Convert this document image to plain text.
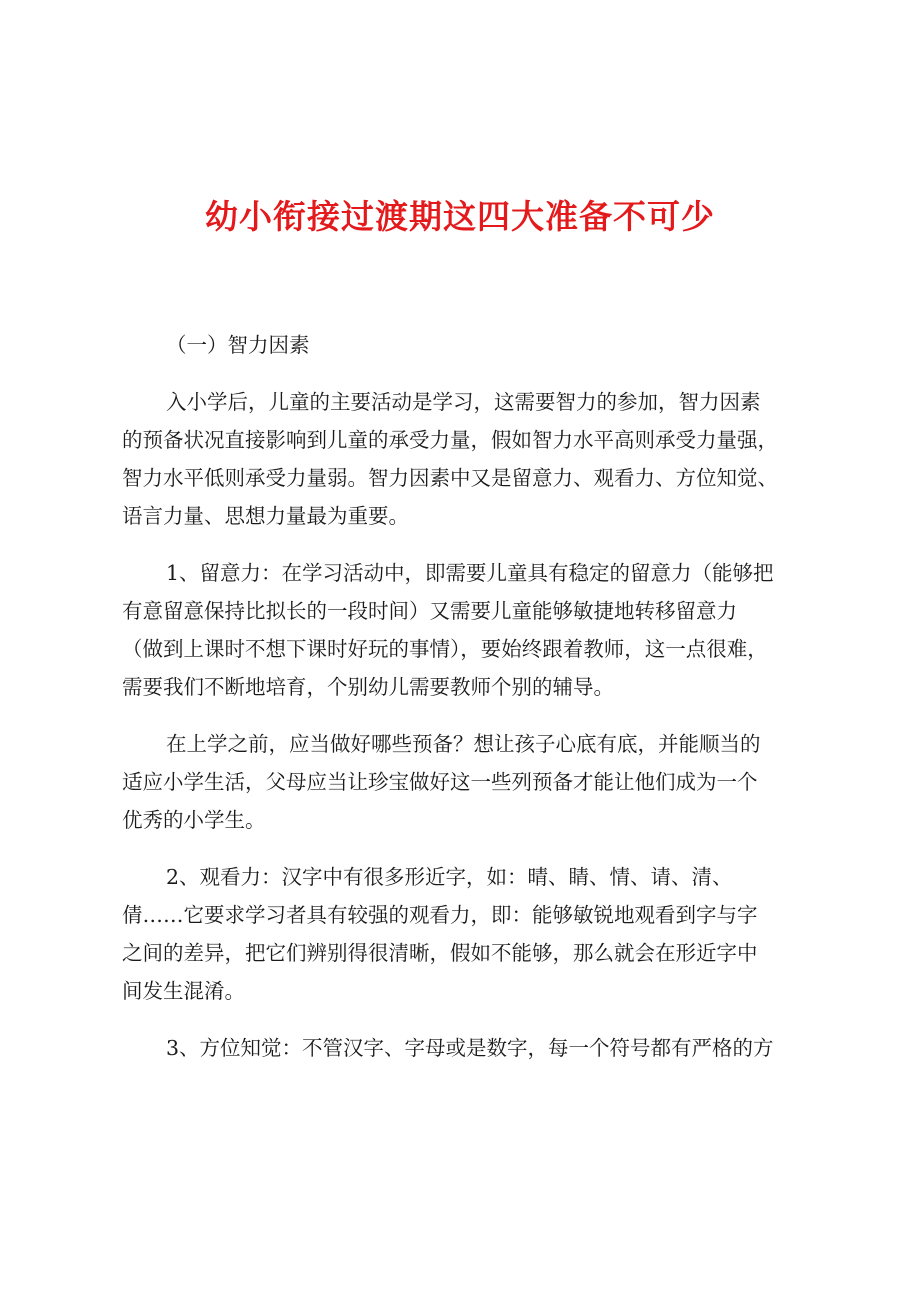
幼小衔接过渡期这四大准备不可少

（一）智力因素

入小学后，儿童的主要活动是学习，这需要智力的参加，智力因素

的预备状况直接影响到儿童的承受力量，假如智力水平高则承受力量强，

智力水平低则承受力量弱。智力因素中又是留意力、观看力、方位知觉、

语言力量、思想力量最为重要。

1、留意力：在学习活动中，即需要儿童具有稳定的留意力（能够把

有意留意保持比拟长的一段时间）又需要儿童能够敏捷地转移留意力

（做到上课时不想下课时好玩的事情），要始终跟着教师，这一点很难，

需要我们不断地培育，个别幼儿需要教师个别的辅导。

在上学之前，应当做好哪些预备？想让孩子心底有底，并能顺当的

适应小学生活，父母应当让珍宝做好这一些列预备才能让他们成为一个

优秀的小学生。

2、观看力：汉字中有很多形近字，如：晴、睛、情、请、清、

倩……它要求学习者具有较强的观看力，即：能够敏锐地观看到字与字

之间的差异，把它们辨别得很清晰，假如不能够，那么就会在形近字中

间发生混淆。

3、方位知觉：不管汉字、字母或是数字，每一个符号都有严格的方
